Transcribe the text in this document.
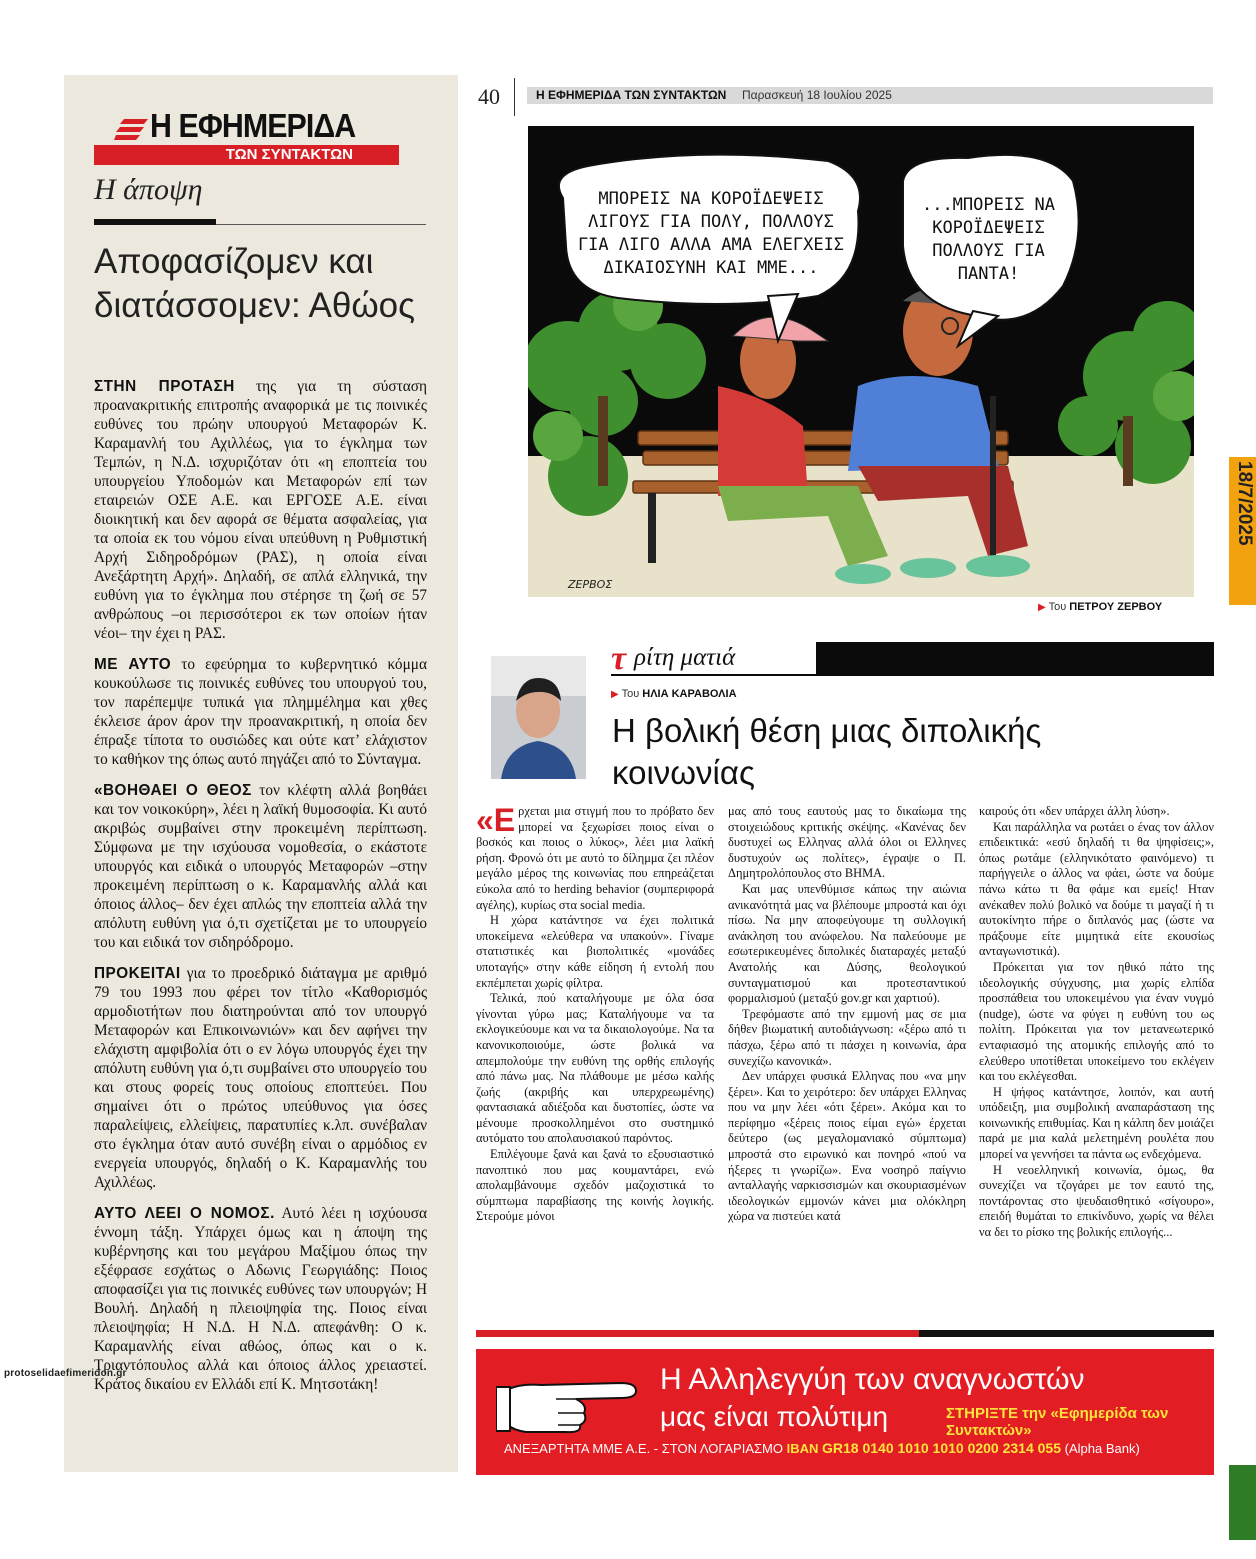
Η ΕΦΗΜΕΡΙΔΑ
ΤΩΝ ΣΥΝΤΑΚΤΩΝ
Η άποψη
Αποφασίζομεν και διατάσσομεν: Αθώος

ΣΤΗΝ ΠΡΟΤΑΣΗ της για τη σύσταση προανακριτικής επιτροπής αναφορικά με τις ποινικές ευθύνες του πρώην υπουργού Μεταφορών Κ. Καραμανλή του Αχιλλέως, για το έγκλημα των Τεμπών, η Ν.Δ. ισχυριζόταν ότι «η εποπτεία του υπουργείου Υποδομών και Μεταφορών επί των εταιρειών ΟΣΕ Α.Ε. και ΕΡΓΟΣΕ Α.Ε. είναι διοικητική και δεν αφορά σε θέματα ασφαλείας, για τα οποία εκ του νόμου είναι υπεύθυνη η Ρυθμιστική Αρχή Σιδηροδρόμων (ΡΑΣ), η οποία είναι Ανεξάρτητη Αρχή». Δηλαδή, σε απλά ελληνικά, την ευθύνη για το έγκλημα που στέρησε τη ζωή σε 57 ανθρώπους –οι περισσότεροι εκ των οποίων ήταν νέοι– την έχει η ΡΑΣ.

ΜΕ ΑΥΤΟ το εφεύρημα το κυβερνητικό κόμμα κουκούλωσε τις ποινικές ευθύνες του υπουργού του, τον παρέπεμψε τυπικά για πλημμέλημα και χθες έκλεισε άρον άρον την προανακριτική, η οποία δεν έπραξε τίποτα το ουσιώδες και ούτε κατ’ ελάχιστον το καθήκον της όπως αυτό πηγάζει από το Σύνταγμα.

«ΒΟΗΘΑΕΙ Ο ΘΕΟΣ τον κλέφτη αλλά βοηθάει και τον νοικοκύρη», λέει η λαϊκή θυμοσοφία. Κι αυτό ακριβώς συμβαίνει στην προκειμένη περίπτωση. Σύμφωνα με την ισχύουσα νομοθεσία, ο εκάστοτε υπουργός και ειδικά ο υπουργός Μεταφορών –στην προκειμένη περίπτωση ο κ. Καραμανλής αλλά και όποιος άλλος– δεν έχει απλώς την εποπτεία αλλά την απόλυτη ευθύνη για ό,τι σχετίζεται με το υπουργείο του και ειδικά τον σιδηρόδρομο.

ΠΡΟΚΕΙΤΑΙ για το προεδρικό διάταγμα με αριθμό 79 του 1993 που φέρει τον τίτλο «Καθορισμός αρμοδιοτήτων που διατηρούνται από τον υπουργό Μεταφορών και Επικοινωνιών» και δεν αφήνει την ελάχιστη αμφιβολία ότι ο εν λόγω υπουργός έχει την απόλυτη ευθύνη για ό,τι συμβαίνει στο υπουργείο του και στους φορείς τους οποίους εποπτεύει. Που σημαίνει ότι ο πρώτος υπεύθυνος για όσες παραλείψεις, ελλείψεις, παρατυπίες κ.λπ. συνέβαλαν στο έγκλημα όταν αυτό συνέβη είναι ο αρμόδιος εν ενεργεία υπουργός, δηλαδή ο Κ. Καραμανλής του Αχιλλέως.

ΑΥΤΟ ΛΕΕΙ Ο ΝΟΜΟΣ. Αυτό λέει η ισχύουσα έννομη τάξη. Υπάρχει όμως και η άποψη της κυβέρνησης και του μεγάρου Μαξίμου όπως την εξέφρασε εσχάτως ο Αδωνις Γεωργιάδης: Ποιος αποφασίζει για τις ποινικές ευθύνες των υπουργών; Η Βουλή. Δηλαδή η πλειοψηφία της. Ποιος είναι πλειοψηφία; Η Ν.Δ. Η Ν.Δ. απεφάνθη: Ο κ. Καραμανλής είναι αθώος, όπως και ο κ. Τριαντόπουλος αλλά και όποιος άλλος χρειαστεί. Κράτος δικαίου εν Ελλάδι επί Κ. Μητσοτάκη!

protoselidaefimeridon.gr
40	Η ΕΦΗΜΕΡΙΔΑ ΤΩΝ ΣΥΝΤΑΚΤΩΝ Παρασκευή 18 Ιουλίου 2025
ΜΠΟΡΕΙΣ ΝΑ ΚΟΡΟΪΔΕΨΕΙΣ
ΛΙΓΟΥΣ ΓΙΑ ΠΟΛΥ, ΠΟΛΛΟΥΣ
ΓΙΑ ΛΙΓΟ ΑΛΛΑ ΑΜΑ ΕΛΕΓΧΕΙΣ
ΔΙΚΑΙΟΣΥΝΗ ΚΑΙ ΜΜΕ...
...ΜΠΟΡΕΙΣ ΝΑ
ΚΟΡΟΪΔΕΨΕΙΣ
ΠΟΛΛΟΥΣ ΓΙΑ
ΠΑΝΤΑ!
ΖΕΡΒΟΣ
▶ Του ΠΕΤΡΟΥ ΖΕΡΒΟΥ
18/7/2025
τ ρίτη ματιά
▶ Του ΗΛΙΑ ΚΑΡΑΒΟΛΙΑ
Η βολική θέση μιας διπολικής κοινωνίας

«Ερχεται μια στιγμή που το πρόβατο δεν μπορεί να ξεχωρίσει ποιος είναι ο βοσκός και ποιος ο λύκος», λέει μια λαϊκή ρήση. Φρονώ ότι με αυτό το δίλημμα ζει πλέον μεγάλο μέρος της κοινωνίας που επηρεάζεται εύκολα από το herding behavior (συμπεριφορά αγέλης), κυρίως στα social media.

Η χώρα κατάντησε να έχει πολιτικά υποκείμενα «ελεύθερα να υπακούν». Γίναμε στατιστικές και βιοπολιτικές «μονάδες υποταγής» στην κάθε είδηση ή εντολή που εκπέμπεται χωρίς φίλτρα.

Τελικά, πού καταλήγουμε με όλα όσα γίνονται γύρω μας; Καταλήγουμε να τα εκλογικεύουμε και να τα δικαιολογούμε. Να τα κανονικοποιούμε, ώστε βολικά να απεμπολούμε την ευθύνη της ορθής επιλογής από πάνω μας. Να πλάθουμε με μέσω καλής ζωής (ακριβής και υπερχρεωμένης) φαντασιακά αδιέξοδα και δυστοπίες, ώστε να μένουμε προσκολλημένοι στο συστημικό αυτόματο του απολαυσιακού παρόντος.

Επιλέγουμε ξανά και ξανά το εξουσιαστικό πανοπτικό που μας κουμαντάρει, ενώ απολαμβάνουμε σχεδόν μαζοχιστικά το σύμπτωμα παραβίασης της κοινής λογικής. Στερούμε μόνοι

μας από τους εαυτούς μας το δικαίωμα της στοιχειώδους κριτικής σκέψης. «Κανένας δεν δυστυχεί ως Ελληνας αλλά όλοι οι Ελληνες δυστυχούν ως πολίτες», έγραψε ο Π. Δημητρολόπουλος στο ΒΗΜΑ.

Και μας υπενθύμισε κάπως την αιώνια ανικανότητά μας να βλέπουμε μπροστά και όχι πίσω. Να μην αποφεύγουμε τη συλλογική ανάκληση του ανώφελου. Να παλεύουμε με εσωτερικευμένες διπολικές διαταραχές μεταξύ Ανατολής και Δύσης, θεολογικού συνταγματισμού και προτεσταντικού φορμαλισμού (μεταξύ gov.gr και χαρτιού).

Τρεφόμαστε από την εμμονή μας σε μια δήθεν βιωματική αυτοδιάγνωση: «ξέρω από τι πάσχω, ξέρω από τι πάσχει η κοινωνία, άρα συνεχίζω κανονικά».

Δεν υπάρχει φυσικά Ελληνας που «να μην ξέρει». Και το χειρότερο: δεν υπάρχει Ελληνας που να μην λέει «ότι ξέρει». Ακόμα και το περίφημο «ξέρεις ποιος είμαι εγώ» έρχεται δεύτερο (ως μεγαλομανιακό σύμπτωμα) μπροστά στο ειρωνικό και πονηρό «πού να ήξερες τι γνωρίζω». Ενα νοσηρό παίγνιο ανταλλαγής ναρκισσισμών και σκουριασμένων ιδεολογικών εμμονών κάνει μια ολόκληρη χώρα να πιστεύει κατά

καιρούς ότι «δεν υπάρχει άλλη λύση».

Και παράλληλα να ρωτάει ο ένας τον άλλον επιδεικτικά: «εσύ δηλαδή τι θα ψηφίσεις;», όπως ρωτάμε (ελληνικότατο φαινόμενο) τι παρήγγειλε ο άλλος να φάει, ώστε να δούμε πάνω κάτω τι θα φάμε και εμείς! Ηταν ανέκαθεν πολύ βολικό να δούμε τι μαγαζί ή τι αυτοκίνητο πήρε ο διπλανός μας (ώστε να πράξουμε είτε μιμητικά είτε εκουσίως ανταγωνιστικά).

Πρόκειται για τον ηθικό πάτο της ιδεολογικής σύγχυσης, μια χωρίς ελπίδα προσπάθεια του υποκειμένου για έναν νυγμό (nudge), ώστε να φύγει η ευθύνη του ως πολίτη. Πρόκειται για τον μετανεωτερικό ενταφιασμό της ατομικής επιλογής από το ελεύθερο υποτίθεται υποκείμενο του εκλέγειν και του εκλέγεσθαι.

Η ψήφος κατάντησε, λοιπόν, και αυτή υπόδειξη, μια συμβολική αναπαράσταση της κοινωνικής επιθυμίας. Και η κάλπη δεν μοιάζει παρά με μια καλά μελετημένη ρουλέτα που μπορεί να γεννήσει τα πάντα ως ενδεχόμενα.

Η νεοελληνική κοινωνία, όμως, θα συνεχίζει να τζογάρει με τον εαυτό της, ποντάροντας στο ψευδαισθητικό «σίγουρο», επειδή θυμάται το επικίνδυνο, χωρίς να θέλει να δει το ρίσκο της βολικής επιλογής...

Η Αλληλεγγύη των αναγνωστών
μας είναι πολύτιμη	ΣΤΗΡΙΞΤΕ την «Εφημερίδα των Συντακτών»
ΑΝΕΞΑΡΤΗΤΑ ΜΜΕ Α.Ε. - ΣΤΟΝ ΛΟΓΑΡΙΑΣΜΟ IBAN GR18 0140 1010 1010 0200 2314 055 (Alpha Bank)
